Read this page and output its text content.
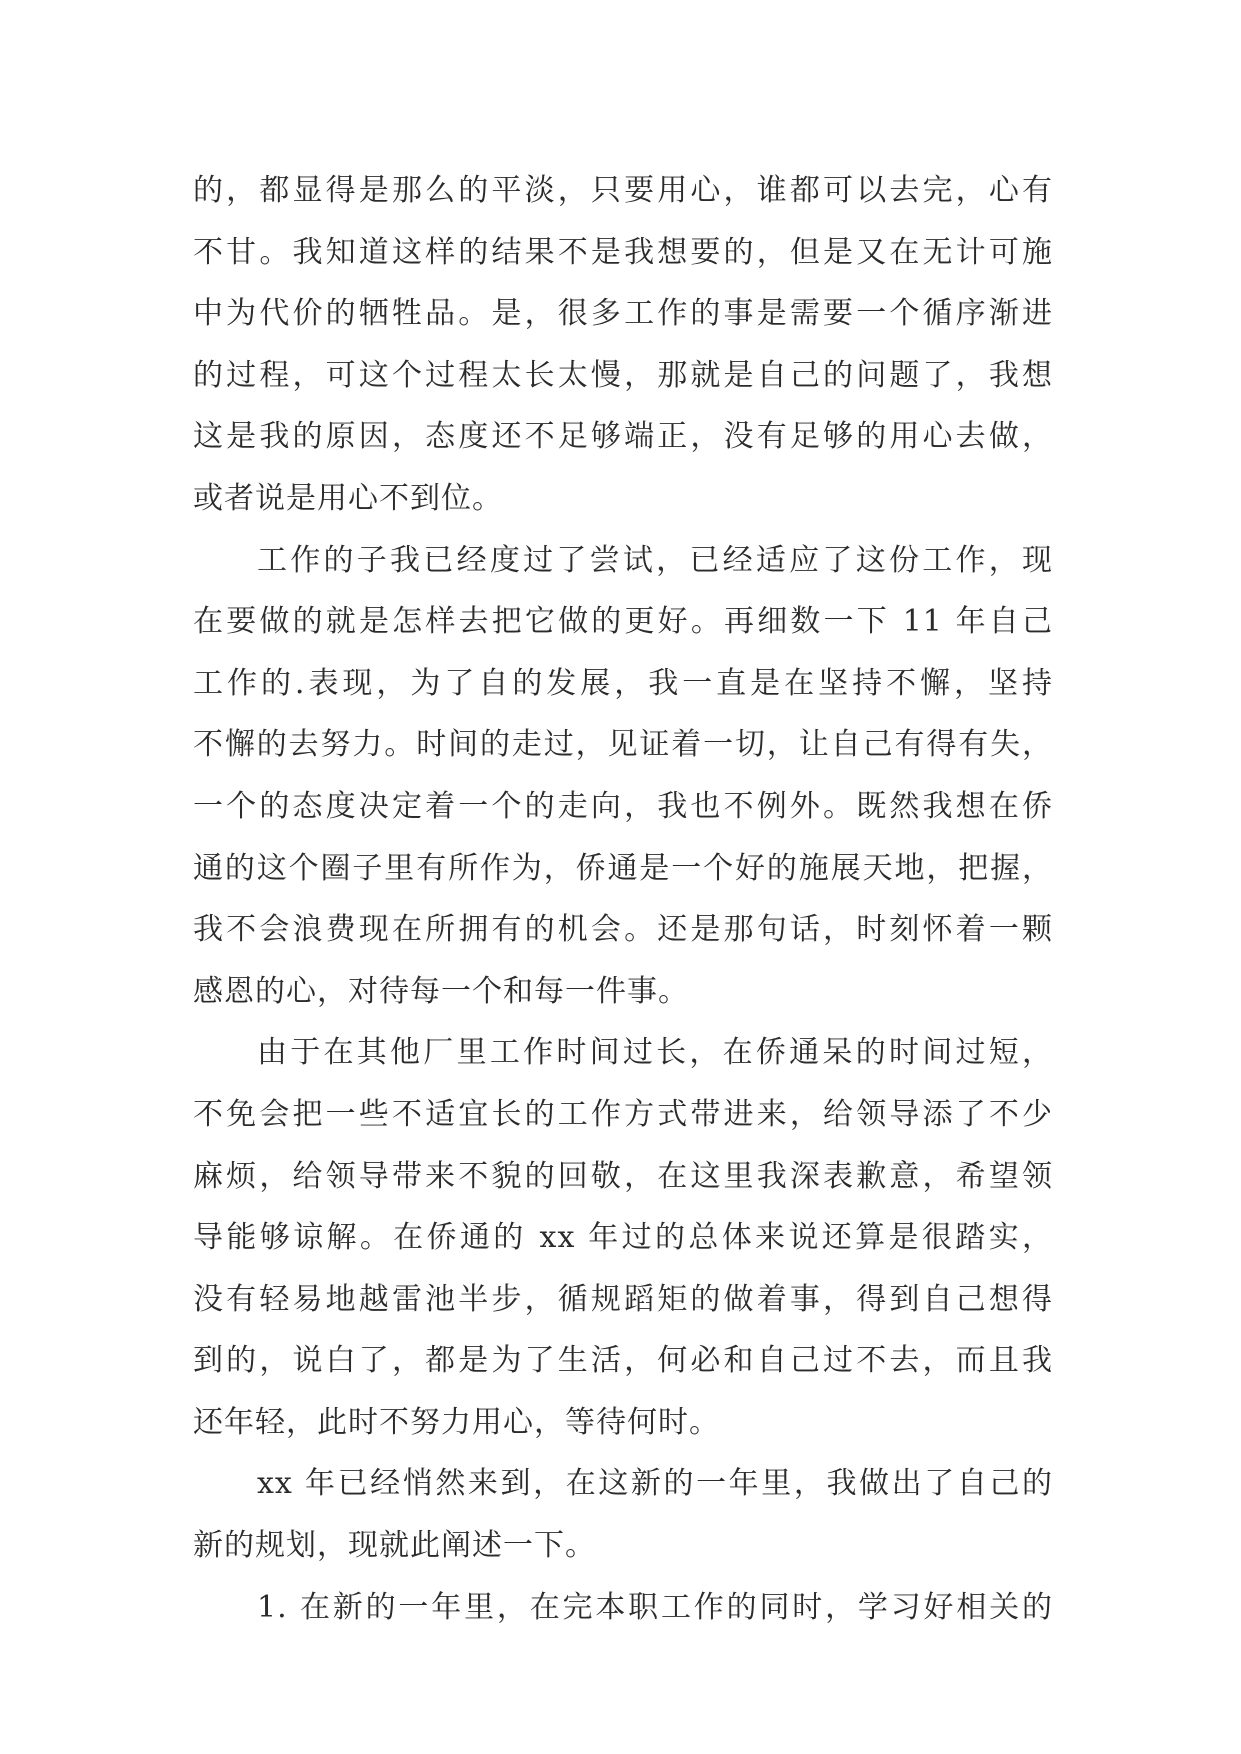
的，都显得是那么的平淡，只要用心，谁都可以去完，心有
不甘。我知道这样的结果不是我想要的，但是又在无计可施
中为代价的牺牲品。是，很多工作的事是需要一个循序渐进
的过程，可这个过程太长太慢，那就是自己的问题了，我想
这是我的原因，态度还不足够端正，没有足够的用心去做，
或者说是用心不到位。
工作的子我已经度过了尝试，已经适应了这份工作，现
在要做的就是怎样去把它做的更好。再细数一下 11 年自己
工作的.表现，为了自的发展，我一直是在坚持不懈，坚持
不懈的去努力。时间的走过，见证着一切，让自己有得有失，
一个的态度决定着一个的走向，我也不例外。既然我想在侨
通的这个圈子里有所作为，侨通是一个好的施展天地，把握，
我不会浪费现在所拥有的机会。还是那句话，时刻怀着一颗
感恩的心，对待每一个和每一件事。
由于在其他厂里工作时间过长，在侨通呆的时间过短，
不免会把一些不适宜长的工作方式带进来，给领导添了不少
麻烦，给领导带来不貌的回敬，在这里我深表歉意，希望领
导能够谅解。在侨通的 xx 年过的总体来说还算是很踏实，
没有轻易地越雷池半步，循规蹈矩的做着事，得到自己想得
到的，说白了，都是为了生活，何必和自己过不去，而且我
还年轻，此时不努力用心，等待何时。
xx 年已经悄然来到，在这新的一年里，我做出了自己的
新的规划，现就此阐述一下。
1. 在新的一年里，在完本职工作的同时，学习好相关的
